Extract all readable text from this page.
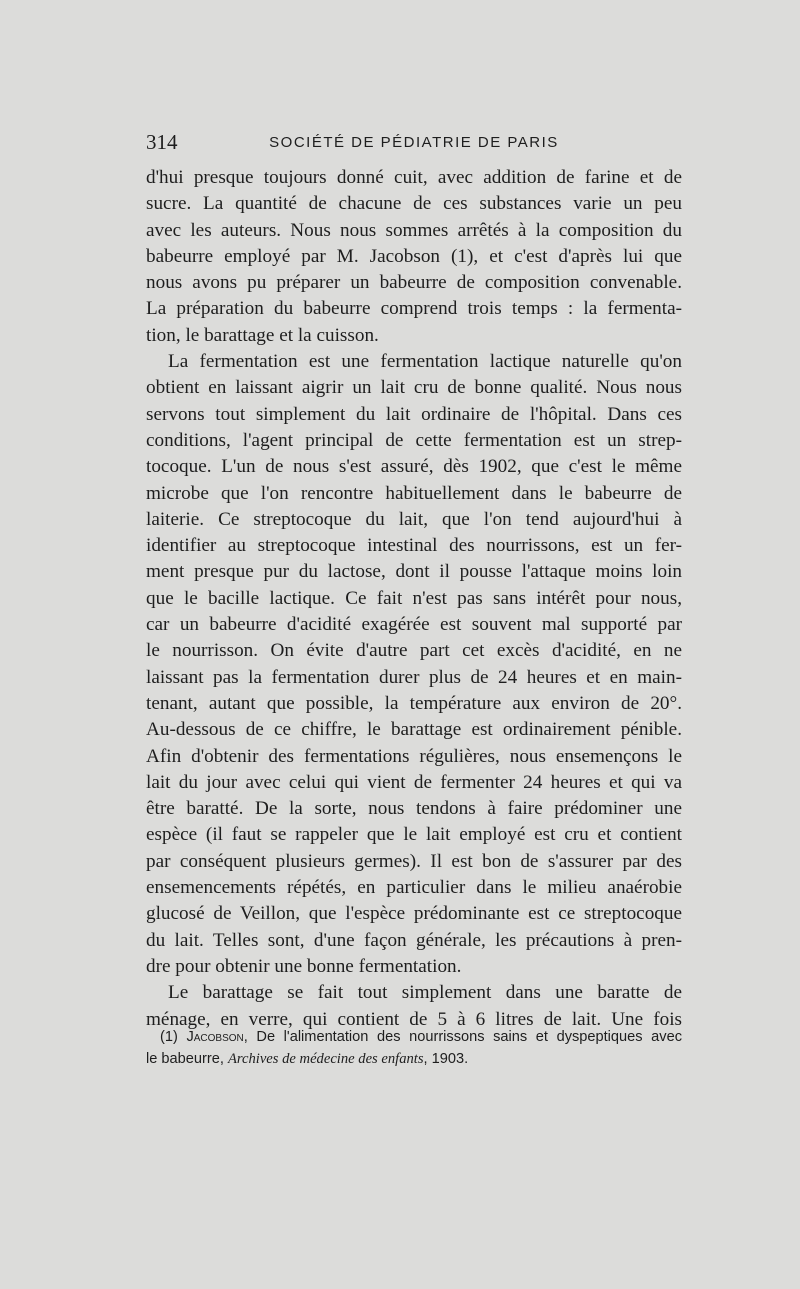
314	SOCIÉTÉ DE PÉDIATRIE DE PARIS
d'hui presque toujours donné cuit, avec addition de farine et de
sucre. La quantité de chacune de ces substances varie un peu
avec les auteurs. Nous nous sommes arrêtés à la composition du
babeurre employé par M. Jacobson (1), et c'est d'après lui que
nous avons pu préparer un babeurre de composition convenable.
La préparation du babeurre comprend trois temps : la fermenta-
tion, le barattage et la cuisson.
La fermentation est une fermentation lactique naturelle qu'on
obtient en laissant aigrir un lait cru de bonne qualité. Nous nous
servons tout simplement du lait ordinaire de l'hôpital. Dans ces
conditions, l'agent principal de cette fermentation est un strep-
tocoque. L'un de nous s'est assuré, dès 1902, que c'est le même
microbe que l'on rencontre habituellement dans le babeurre de
laiterie. Ce streptocoque du lait, que l'on tend aujourd'hui à
identifier au streptocoque intestinal des nourrissons, est un fer-
ment presque pur du lactose, dont il pousse l'attaque moins loin
que le bacille lactique. Ce fait n'est pas sans intérêt pour nous,
car un babeurre d'acidité exagérée est souvent mal supporté par
le nourrisson. On évite d'autre part cet excès d'acidité, en ne
laissant pas la fermentation durer plus de 24 heures et en main-
tenant, autant que possible, la température aux environ de 20°.
Au-dessous de ce chiffre, le barattage est ordinairement pénible.
Afin d'obtenir des fermentations régulières, nous ensemençons le
lait du jour avec celui qui vient de fermenter 24 heures et qui va
être baratté. De la sorte, nous tendons à faire prédominer une
espèce (il faut se rappeler que le lait employé est cru et contient
par conséquent plusieurs germes). Il est bon de s'assurer par des
ensemencements répétés, en particulier dans le milieu anaérobie
glucosé de Veillon, que l'espèce prédominante est ce streptocoque
du lait. Telles sont, d'une façon générale, les précautions à pren-
dre pour obtenir une bonne fermentation.
Le barattage se fait tout simplement dans une baratte de
ménage, en verre, qui contient de 5 à 6 litres de lait. Une fois
(1) Jacobson, De l'alimentation des nourrissons sains et dyspeptiques avec
le babeurre, Archives de médecine des enfants, 1903.
